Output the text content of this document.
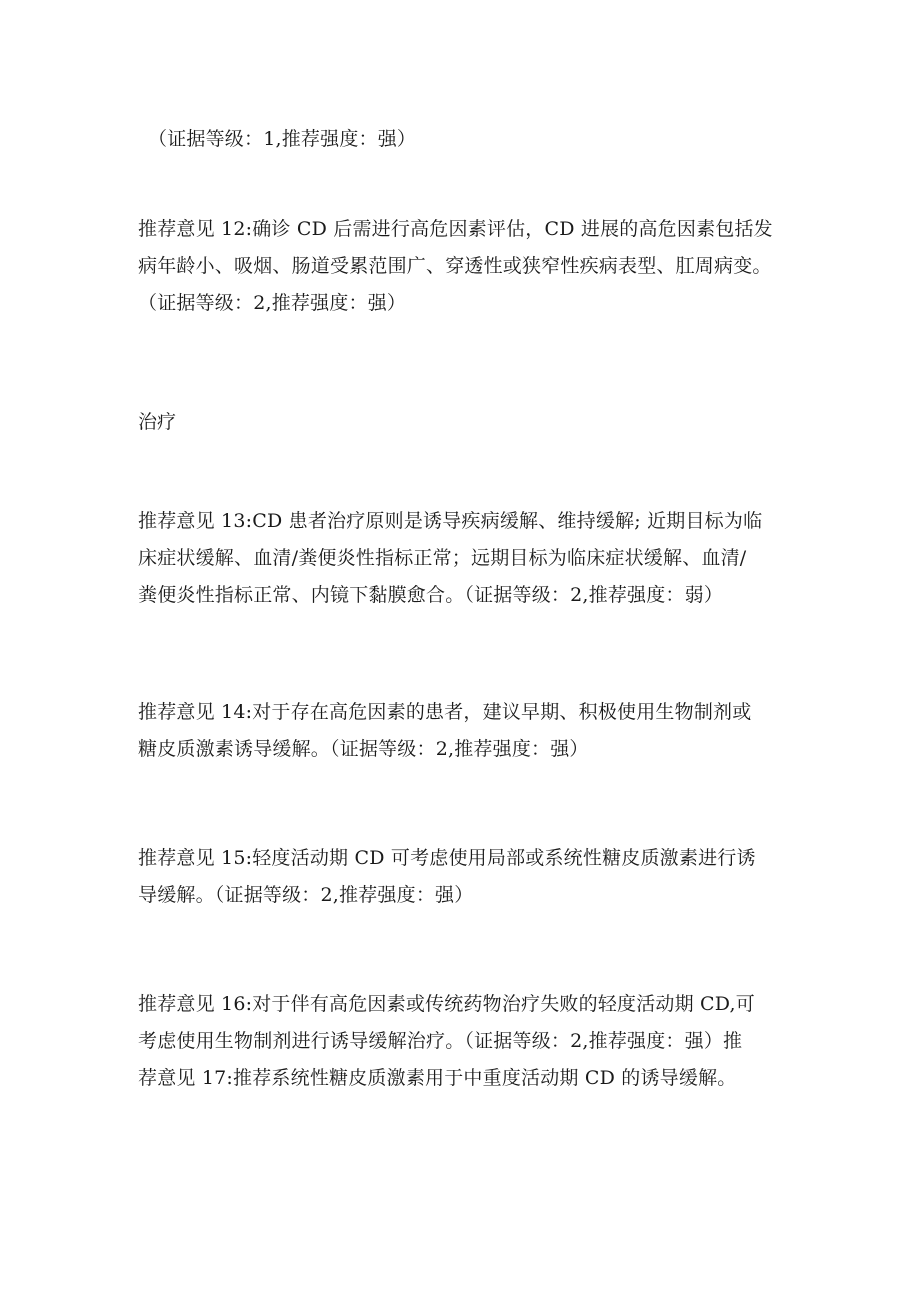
（证据等级：1,推荐强度：强）

推荐意见 12:确诊 CD 后需进行高危因素评估，CD 进展的高危因素包括发
病年龄小、吸烟、肠道受累范围广、穿透性或狭窄性疾病表型、肛周病变。
（证据等级：2,推荐强度：强）

治疗

推荐意见 13:CD 患者治疗原则是诱导疾病缓解、维持缓解; 近期目标为临
床症状缓解、血清/粪便炎性指标正常；远期目标为临床症状缓解、血清/
粪便炎性指标正常、内镜下黏膜愈合。（证据等级：2,推荐强度：弱）

推荐意见 14:对于存在高危因素的患者，建议早期、积极使用生物制剂或
糖皮质激素诱导缓解。（证据等级：2,推荐强度：强）

推荐意见 15:轻度活动期 CD 可考虑使用局部或系统性糖皮质激素进行诱
导缓解。（证据等级：2,推荐强度：强）

推荐意见 16:对于伴有高危因素或传统药物治疗失败的轻度活动期 CD,可
考虑使用生物制剂进行诱导缓解治疗。（证据等级：2,推荐强度：强）推
荐意见 17:推荐系统性糖皮质激素用于中重度活动期 CD 的诱导缓解。
